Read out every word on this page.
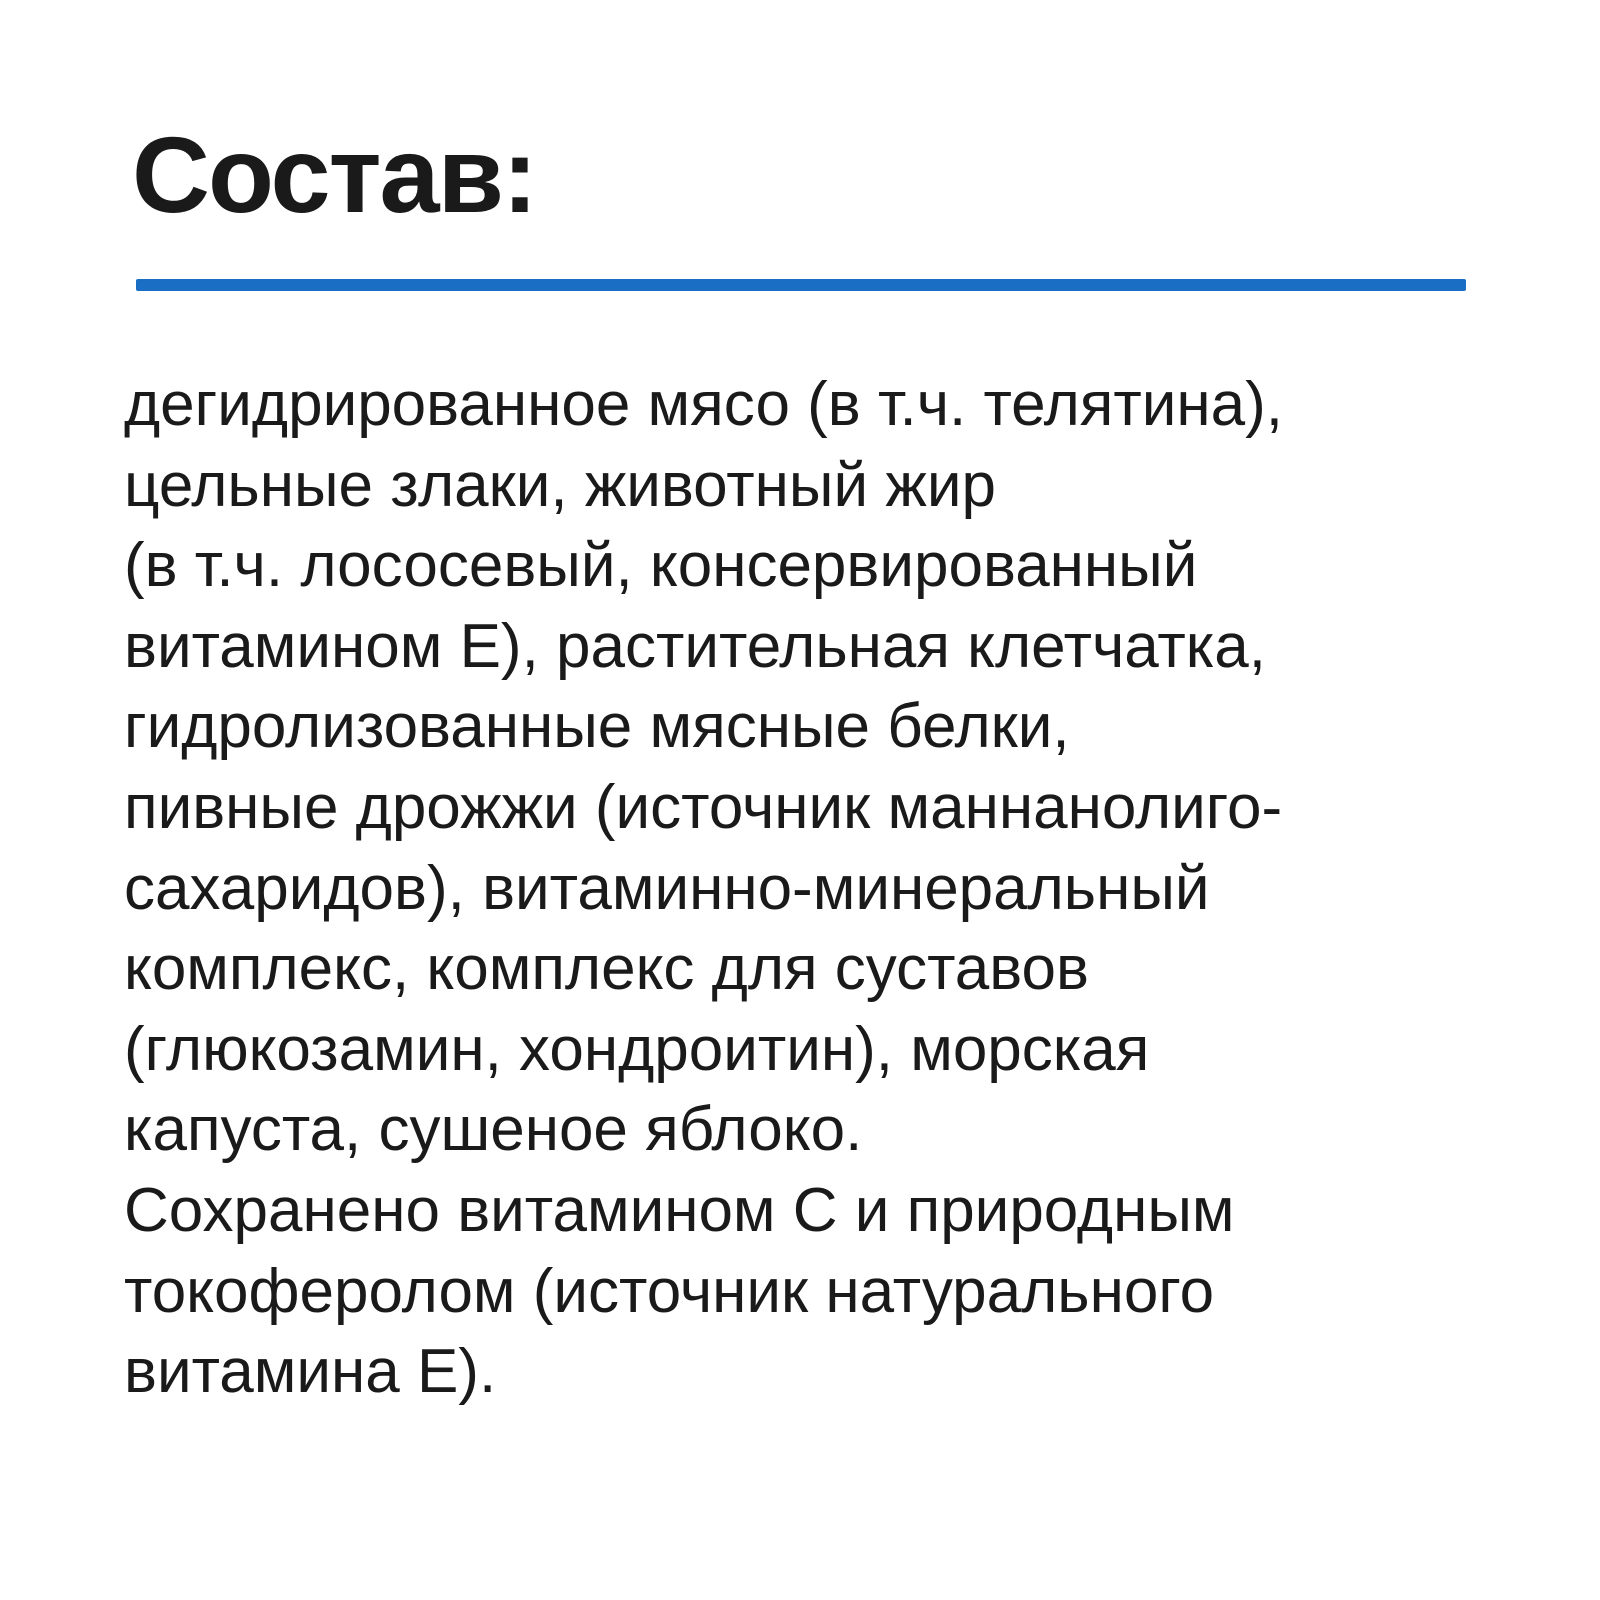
Состав:

дегидрированное мясо (в т.ч. телятина),
цельные злаки, животный жир
(в т.ч. лососевый, консервированный
витамином Е), растительная клетчатка,
гидролизованные мясные белки,
пивные дрожжи (источник маннанолиго-
сахаридов), витаминно-минеральный
комплекс, комплекс для суставов
(глюкозамин, хондроитин), морская
капуста, сушеное яблоко.
Сохранено витамином С и природным
токоферолом (источник натурального
витамина Е).
